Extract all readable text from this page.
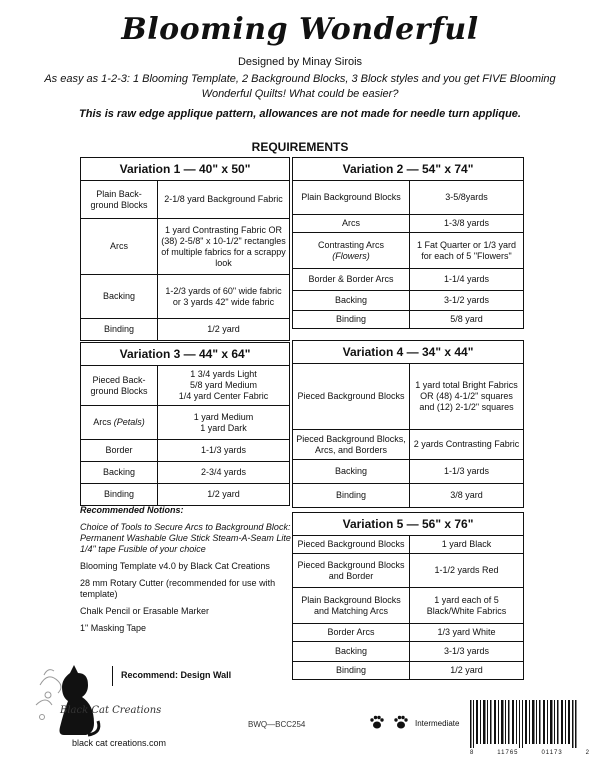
Blooming Wonderful
Designed by Minay Sirois
As easy as 1-2-3: 1 Blooming Template, 2 Background Blocks, 3 Block styles and you get FIVE Blooming Wonderful Quilts! What could be easier?
This is raw edge applique pattern, allowances are not made for needle turn applique.
REQUIREMENTS
Variation 1 — 40" x 50"	
Plain Back-ground Blocks	2-1/8 yard Background Fabric
Arcs	1 yard Contrasting Fabric OR (38) 2-5/8" x 10-1/2" rectangles of multiple fabrics for a scrappy look
Backing	1-2/3 yards of 60" wide fabric or 3 yards 42" wide fabric
Binding	1/2 yard
Variation 2 — 54" x 74"	
Plain Background Blocks	3-5/8yards
Arcs	1-3/8 yards
Contrasting Arcs
(Flowers)	1 Fat Quarter or 1/3 yard for each of 5 "Flowers"
Border & Border Arcs	1-1/4 yards
Backing	3-1/2 yards
Binding	5/8 yard
Variation 3 — 44" x 64"	
Pieced Back-ground Blocks	1 3/4 yards Light
5/8 yard Medium
1/4 yard Center Fabric
Arcs (Petals)	1 yard Medium
1 yard Dark
Border	1-1/3 yards
Backing	2-3/4 yards
Binding	1/2 yard
Variation 4 — 34" x 44"	
Pieced Background Blocks	1 yard total Bright Fabrics OR (48) 4-1/2" squares and (12) 2-1/2" squares
Pieced Background Blocks, Arcs, and Borders	2 yards Contrasting Fabric
Backing	1-1/3 yards
Binding	3/8 yard
Variation 5 — 56" x 76"	
Pieced Background Blocks	1 yard Black
Pieced Background Blocks and Border	1-1/2 yards Red
Plain Background Blocks and Matching Arcs	1 yard each of 5 Black/White Fabrics
Border Arcs	1/3 yard White
Backing	3-1/3 yards
Binding	1/2 yard
Recommended Notions:

Choice of Tools to Secure Arcs to Background Block: Permanent Washable Glue Stick Steam-A-Seam Lite 1/4" tape Fusible of your choice

Blooming Template v4.0 by Black Cat Creations

28 mm Rotary Cutter (recommended for use with template)

Chalk Pencil or Erasable Marker

1" Masking Tape

Recommend: Design Wall
Black Cat Creations
black cat creations.com
BWQ—BCC254	Intermediate
8	11765	01173	2
